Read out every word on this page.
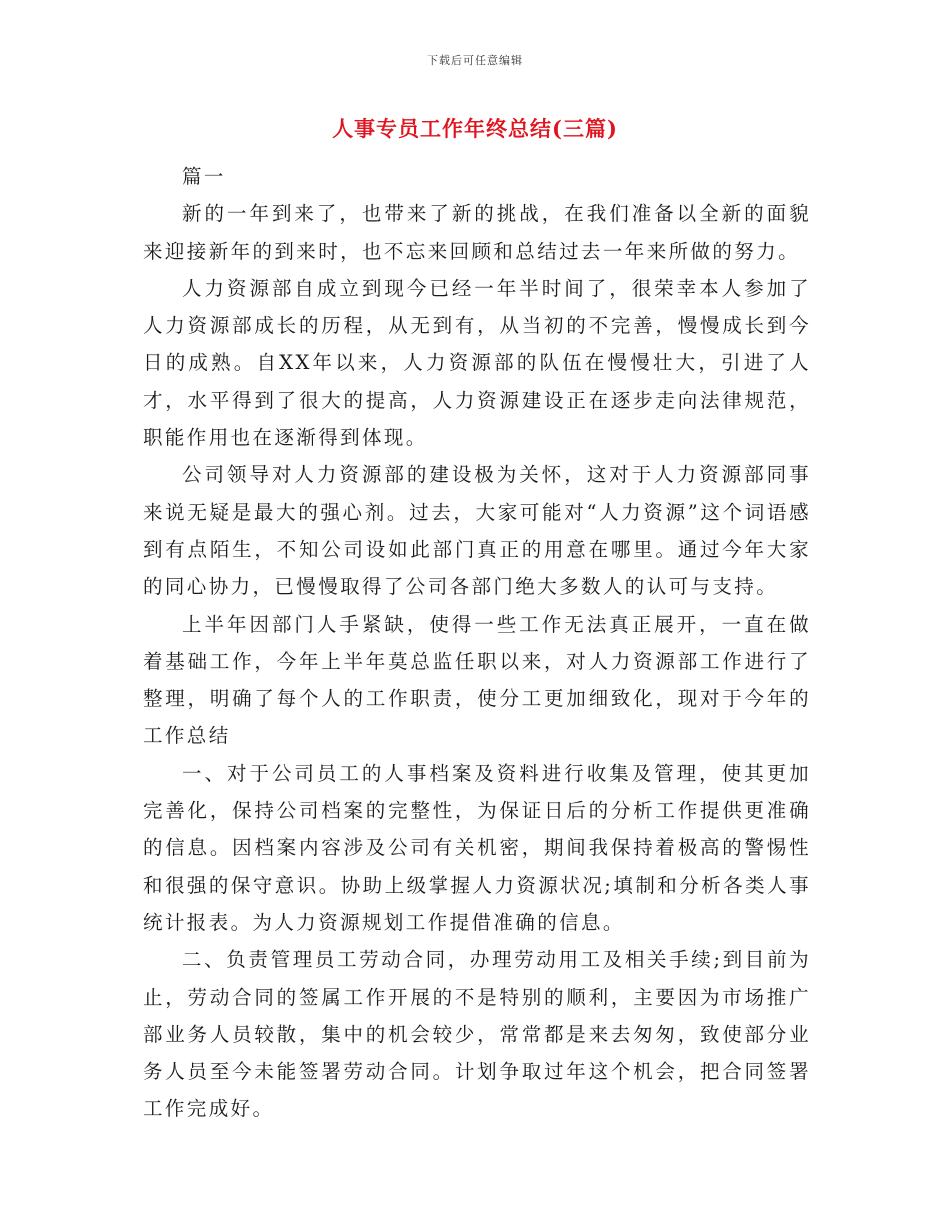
下载后可任意编辑
人事专员工作年终总结(三篇)

篇一

新的一年到来了，也带来了新的挑战，在我们准备以全新的面貌来迎接新年的到来时，也不忘来回顾和总结过去一年来所做的努力。

人力资源部自成立到现今已经一年半时间了，很荣幸本人参加了人力资源部成长的历程，从无到有，从当初的不完善，慢慢成长到今日的成熟。自XX年以来，人力资源部的队伍在慢慢壮大，引进了人才，水平得到了很大的提高，人力资源建设正在逐步走向法律规范，职能作用也在逐渐得到体现。

公司领导对人力资源部的建设极为关怀，这对于人力资源部同事来说无疑是最大的强心剂。过去，大家可能对“人力资源”这个词语感到有点陌生，不知公司设如此部门真正的用意在哪里。通过今年大家的同心协力，已慢慢取得了公司各部门绝大多数人的认可与支持。

上半年因部门人手紧缺，使得一些工作无法真正展开，一直在做着基础工作，今年上半年莫总监任职以来，对人力资源部工作进行了整理，明确了每个人的工作职责，使分工更加细致化，现对于今年的工作总结

一、对于公司员工的人事档案及资料进行收集及管理，使其更加完善化，保持公司档案的完整性，为保证日后的分析工作提供更准确的信息。因档案内容涉及公司有关机密，期间我保持着极高的警惕性和很强的保守意识。协助上级掌握人力资源状况;填制和分析各类人事统计报表。为人力资源规划工作提借准确的信息。

二、负责管理员工劳动合同，办理劳动用工及相关手续;到目前为止，劳动合同的签属工作开展的不是特别的顺利，主要因为市场推广部业务人员较散，集中的机会较少，常常都是来去匆匆，致使部分业务人员至今未能签署劳动合同。计划争取过年这个机会，把合同签署工作完成好。
